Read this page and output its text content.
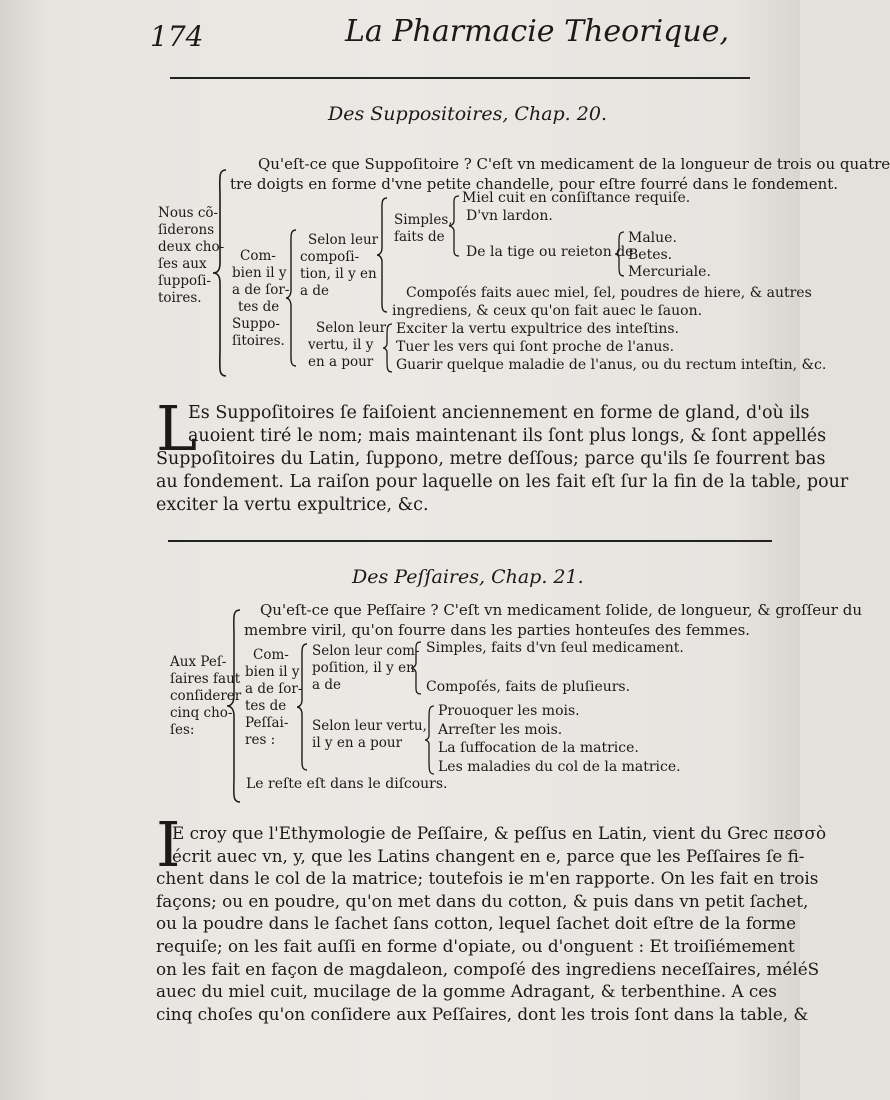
174	La Pharmacie Theorique,
Des Suppositoires, Chap. 20.
Nous cõ-
ſiderons
deux cho-
ſes aux
ſuppoſi-
toires.
Qu'eſt-ce que Suppoſitoire ? C'eſt vn medicament de la longueur de trois ou quatre
tre doigts en forme d'vne petite chandelle, pour eſtre fourré dans le fondement.
Com-
bien il y
a de ſor-
tes de
Suppo-
ſitoires.
Selon leur
compoſi-
tion, il y en
a de
Simples,
faits de
Miel cuit en conſiſtance requiſe.
D'vn lardon.
De la tige ou reieton de
Malue.
Betes.
Mercuriale.
Compoſés faits auec miel, ſel, poudres de hiere, & autres
ingrediens, & ceux qu'on fait auec le ſauon.
Selon leur
vertu, il y
en a pour
Exciter la vertu expultrice des inteſtins.
Tuer les vers qui ſont proche de l'anus.
Guarir quelque maladie de l'anus, ou du rectum inteſtin, &c.
L
Es Suppoſitoires ſe faiſoient anciennement en forme de gland, d'où ils
auoient tiré le nom; mais maintenant ils ſont plus longs, & ſont appellés
Suppoſitoires du Latin, ſuppono, metre deſſous; parce qu'ils ſe fourrent bas
au fondement. La raiſon pour laquelle on les fait eſt ſur la fin de la table, pour
exciter la vertu expultrice, &c.
Des Peſſaires, Chap. 21.
Aux Peſ-
ſaires faut
conſiderer
cinq cho-
ſes:
Qu'eſt-ce que Peſſaire ? C'eſt vn medicament ſolide, de longueur, & groſſeur du
membre viril, qu'on fourre dans les parties honteuſes des femmes.
Com-
bien il y
a de ſor-
tes de
Peſſai-
res :
Selon leur com-
poſition, il y en
a de
Simples, faits d'vn ſeul medicament.
Compoſés, faits de pluſieurs.
Selon leur vertu,
il y en a pour
Prouoquer les mois.
Arreſter les mois.
La ſuffocation de la matrice.
Les maladies du col de la matrice.
Le reſte eſt dans le diſcours.
I
E croy que l'Ethymologie de Peſſaire, & peſſus en Latin, vient du Grec πεσσὸ
écrit auec vn, y, que les Latins changent en e, parce que les Peſſaires ſe fi-
chent dans le col de la matrice; toutefois ie m'en rapporte. On les fait en trois
façons; ou en poudre, qu'on met dans du cotton, & puis dans vn petit ſachet,
ou la poudre dans le ſachet ſans cotton, lequel ſachet doit eſtre de la forme
requiſe; on les fait auſſi en forme d'opiate, ou d'onguent : Et troiſiémement
on les fait en façon de magdaleon, compoſé des ingrediens neceſſaires, méléS
auec du miel cuit, mucilage de la gomme Adragant, & terbenthine. A ces
cinq choſes qu'on conſidere aux Peſſaires, dont les trois ſont dans la table, &
